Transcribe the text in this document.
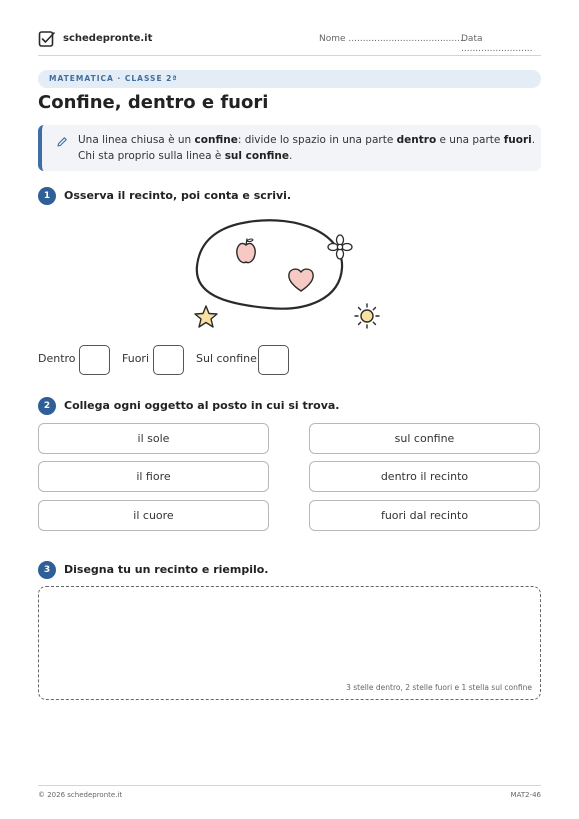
schedepronte.it	Nome .........................................
Data .........................
MATEMATICA · CLASSE 2ª
Confine, dentro e fuori
Una linea chiusa è un confine: divide lo spazio in una parte dentro e una parte fuori.
Chi sta proprio sulla linea è sul confine.
1	Osserva il recinto, poi conta e scrivi.
Dentro	Fuori	Sul confine
2	Collega ogni oggetto al posto in cui si trova.
il sole
il fiore
il cuore
sul confine
dentro il recinto
fuori dal recinto
3	Disegna tu un recinto e riempilo.
3 stelle dentro, 2 stelle fuori e 1 stella sul confine
© 2026 schedepronte.it	MAT2-46
